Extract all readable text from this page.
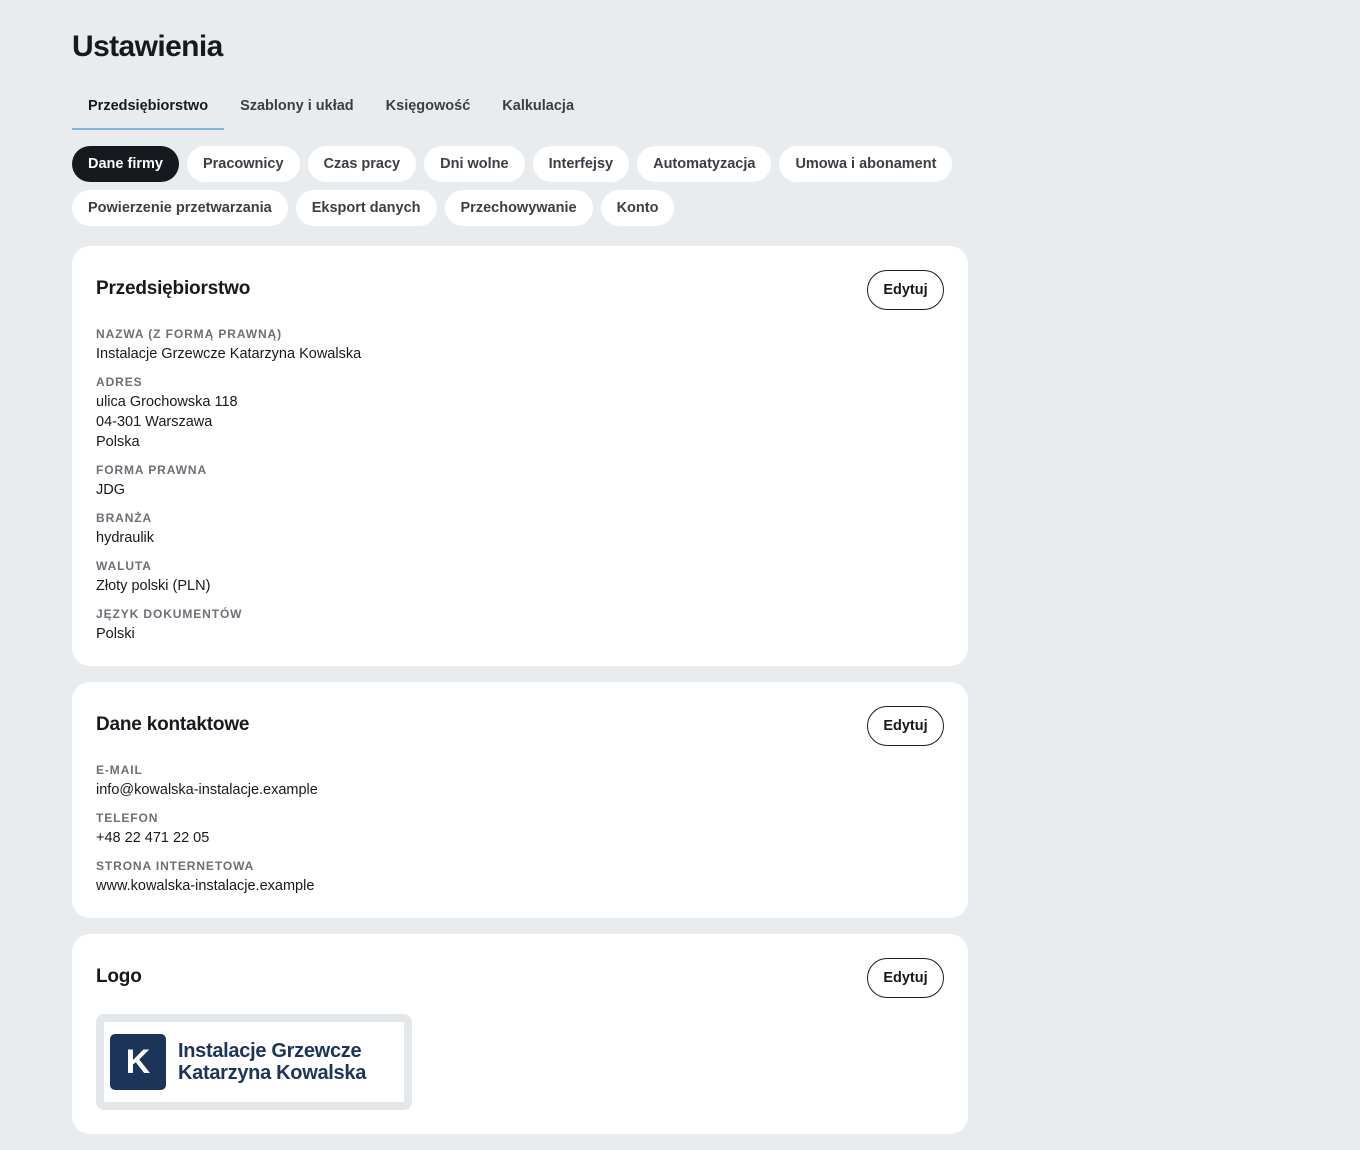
Ustawienia
Przedsiębiorstwo	Szablony i układ	Księgowość	Kalkulacja
Dane firmy	Pracownicy	Czas pracy	Dni wolne	Interfejsy	Automatyzacja	Umowa i abonament
Powierzenie przetwarzania	Eksport danych	Przechowywanie	Konto
Przedsiębiorstwo	Edytuj
NAZWA (Z FORMĄ PRAWNĄ)
Instalacje Grzewcze Katarzyna Kowalska
ADRES
ulica Grochowska 118
04-301 Warszawa
Polska
FORMA PRAWNA
JDG
BRANŻA
hydraulik
WALUTA
Złoty polski (PLN)
JĘZYK DOKUMENTÓW
Polski
Dane kontaktowe	Edytuj
E-MAIL
info@kowalska-instalacje.example
TELEFON
+48 22 471 22 05
STRONA INTERNETOWA
www.kowalska-instalacje.example
Logo	Edytuj
K	Instalacje Grzewcze
Katarzyna Kowalska
